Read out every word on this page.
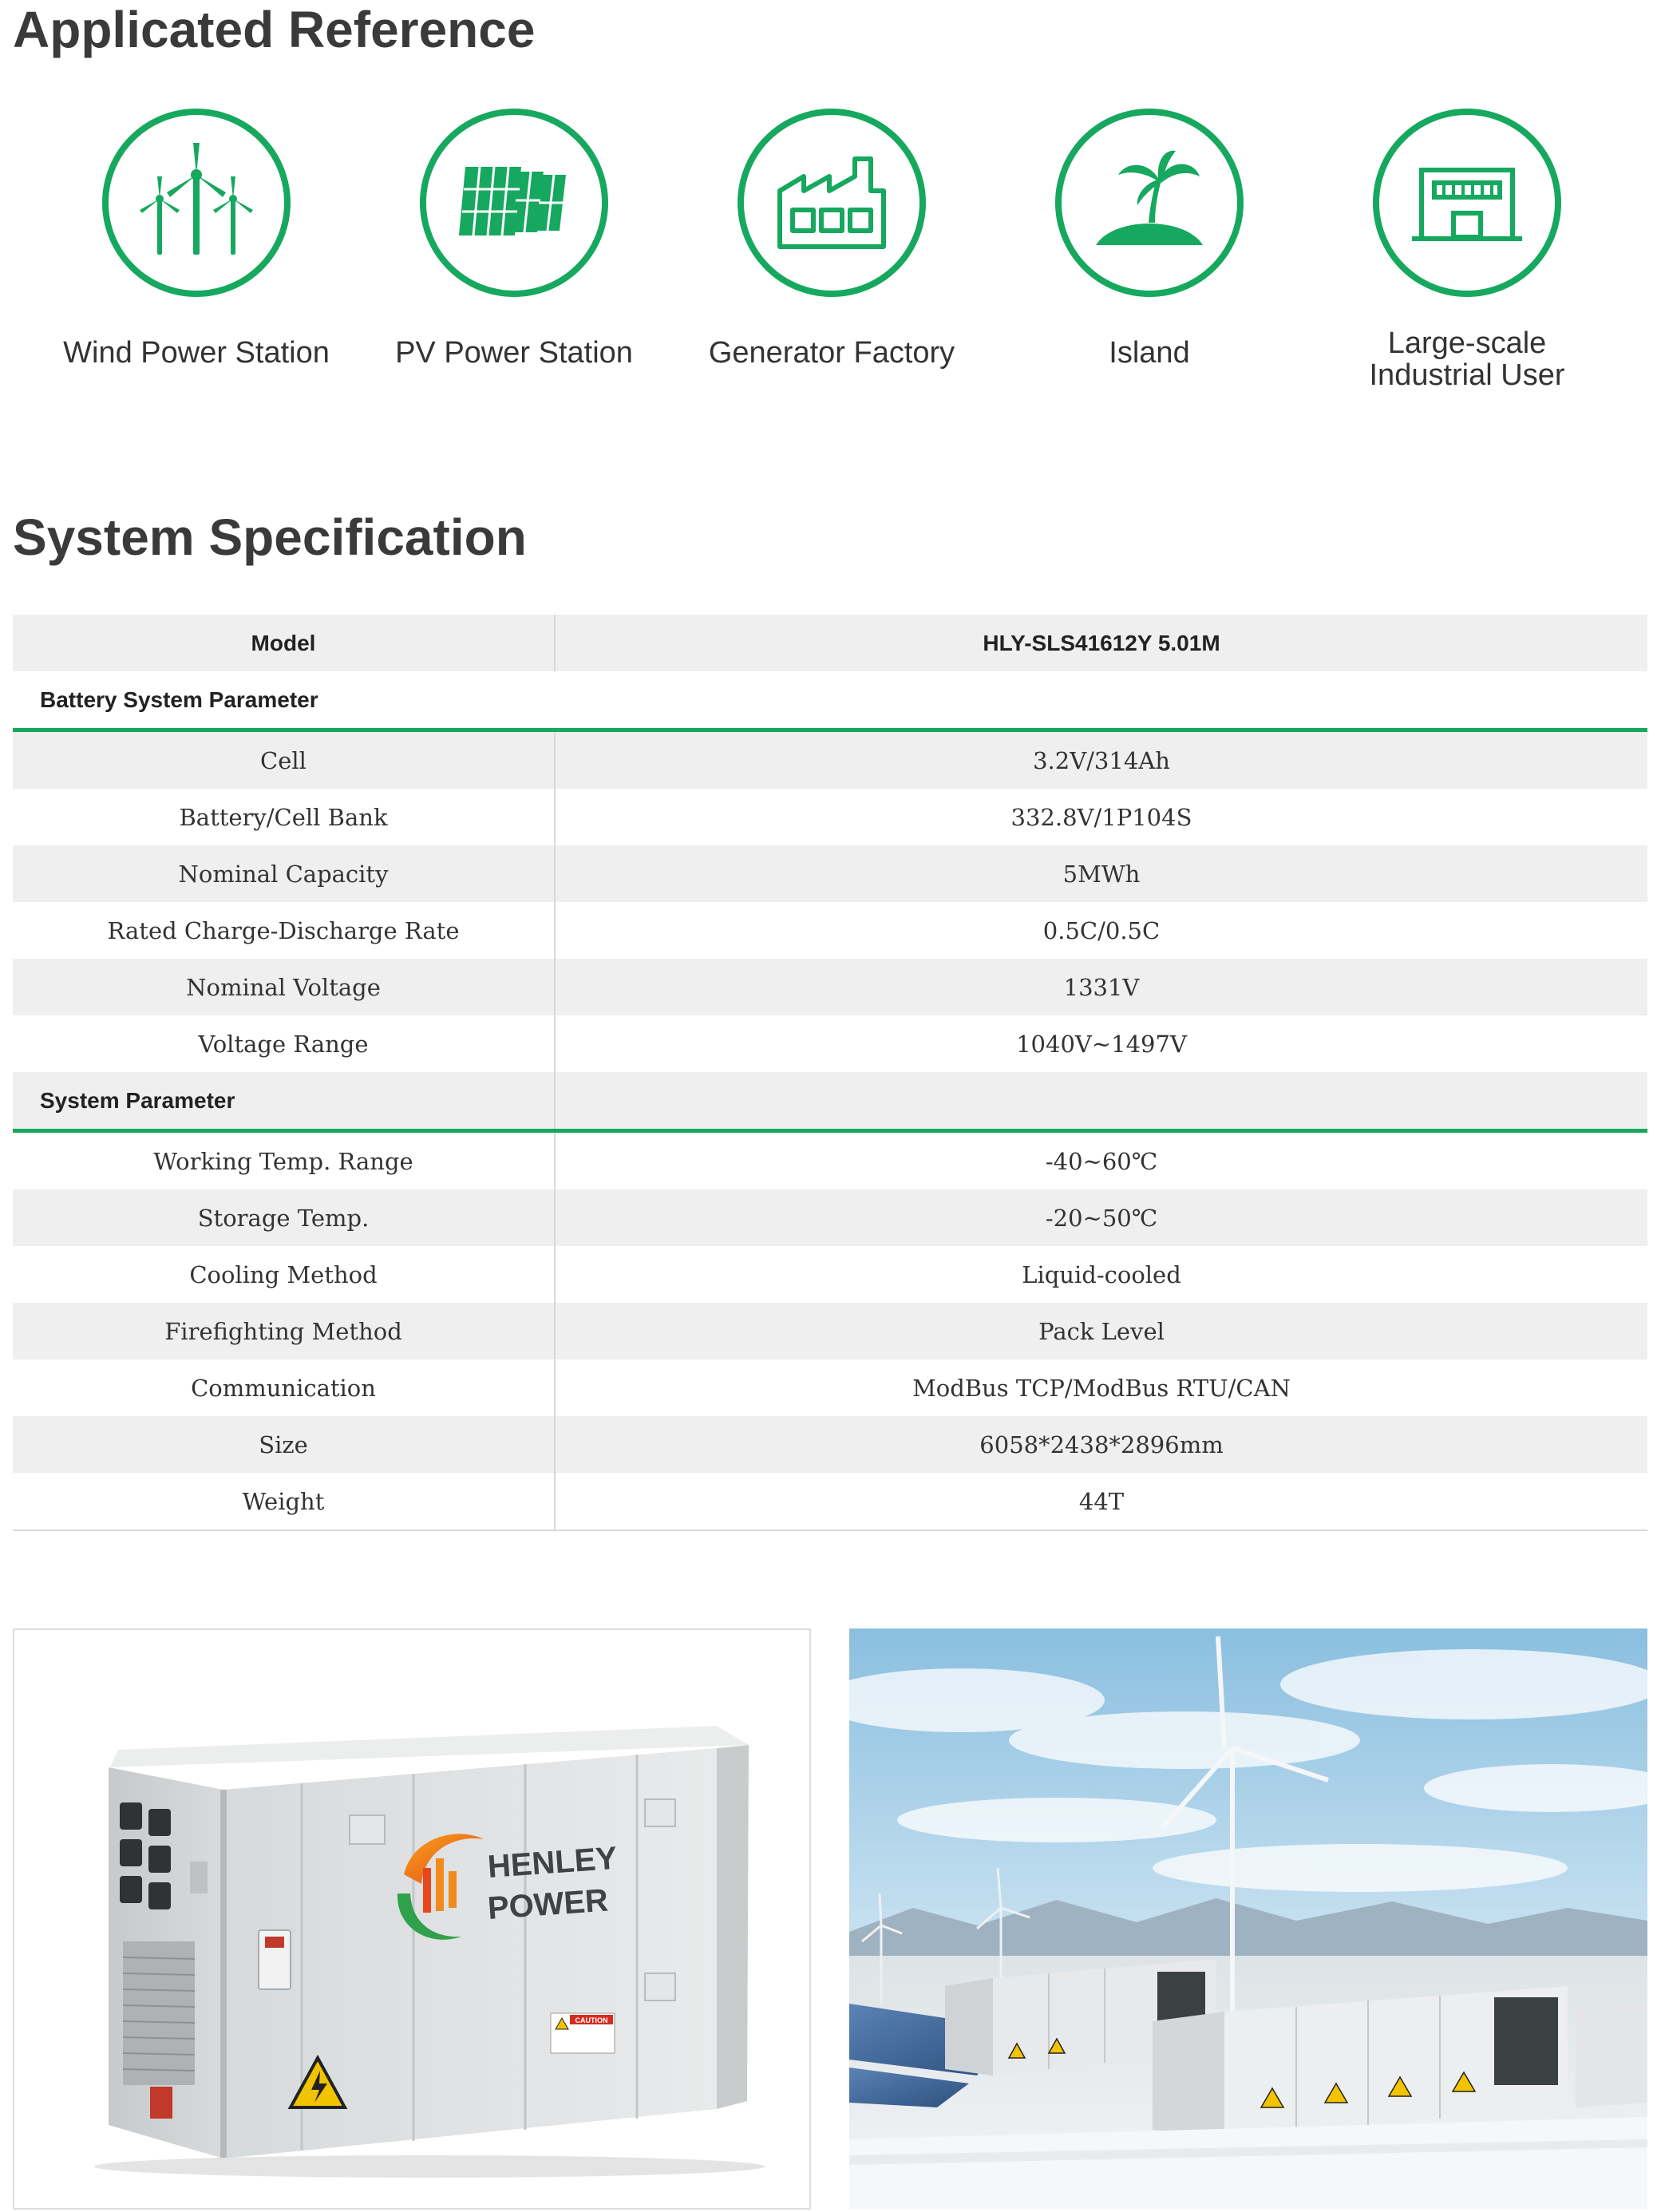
Applicated Reference
Wind Power Station	PV Power Station	Generator Factory	Island	Large-scale
Industrial User
System Specification
Model	HLY-SLS41612Y 5.01M
Battery System Parameter
Cell	3.2V/314Ah
Battery/Cell Bank	332.8V/1P104S
Nominal Capacity	5MWh
Rated Charge-Discharge Rate	0.5C/0.5C
Nominal Voltage	1331V
Voltage Range	1040V~1497V
System Parameter
Working Temp. Range	-40~60℃
Storage Temp.	-20~50℃
Cooling Method	Liquid-cooled
Firefighting Method	Pack Level
Communication	ModBus TCP/ModBus RTU/CAN
Size	6058*2438*2896mm
Weight	44T
CAUTION
HENLEY
POWER
